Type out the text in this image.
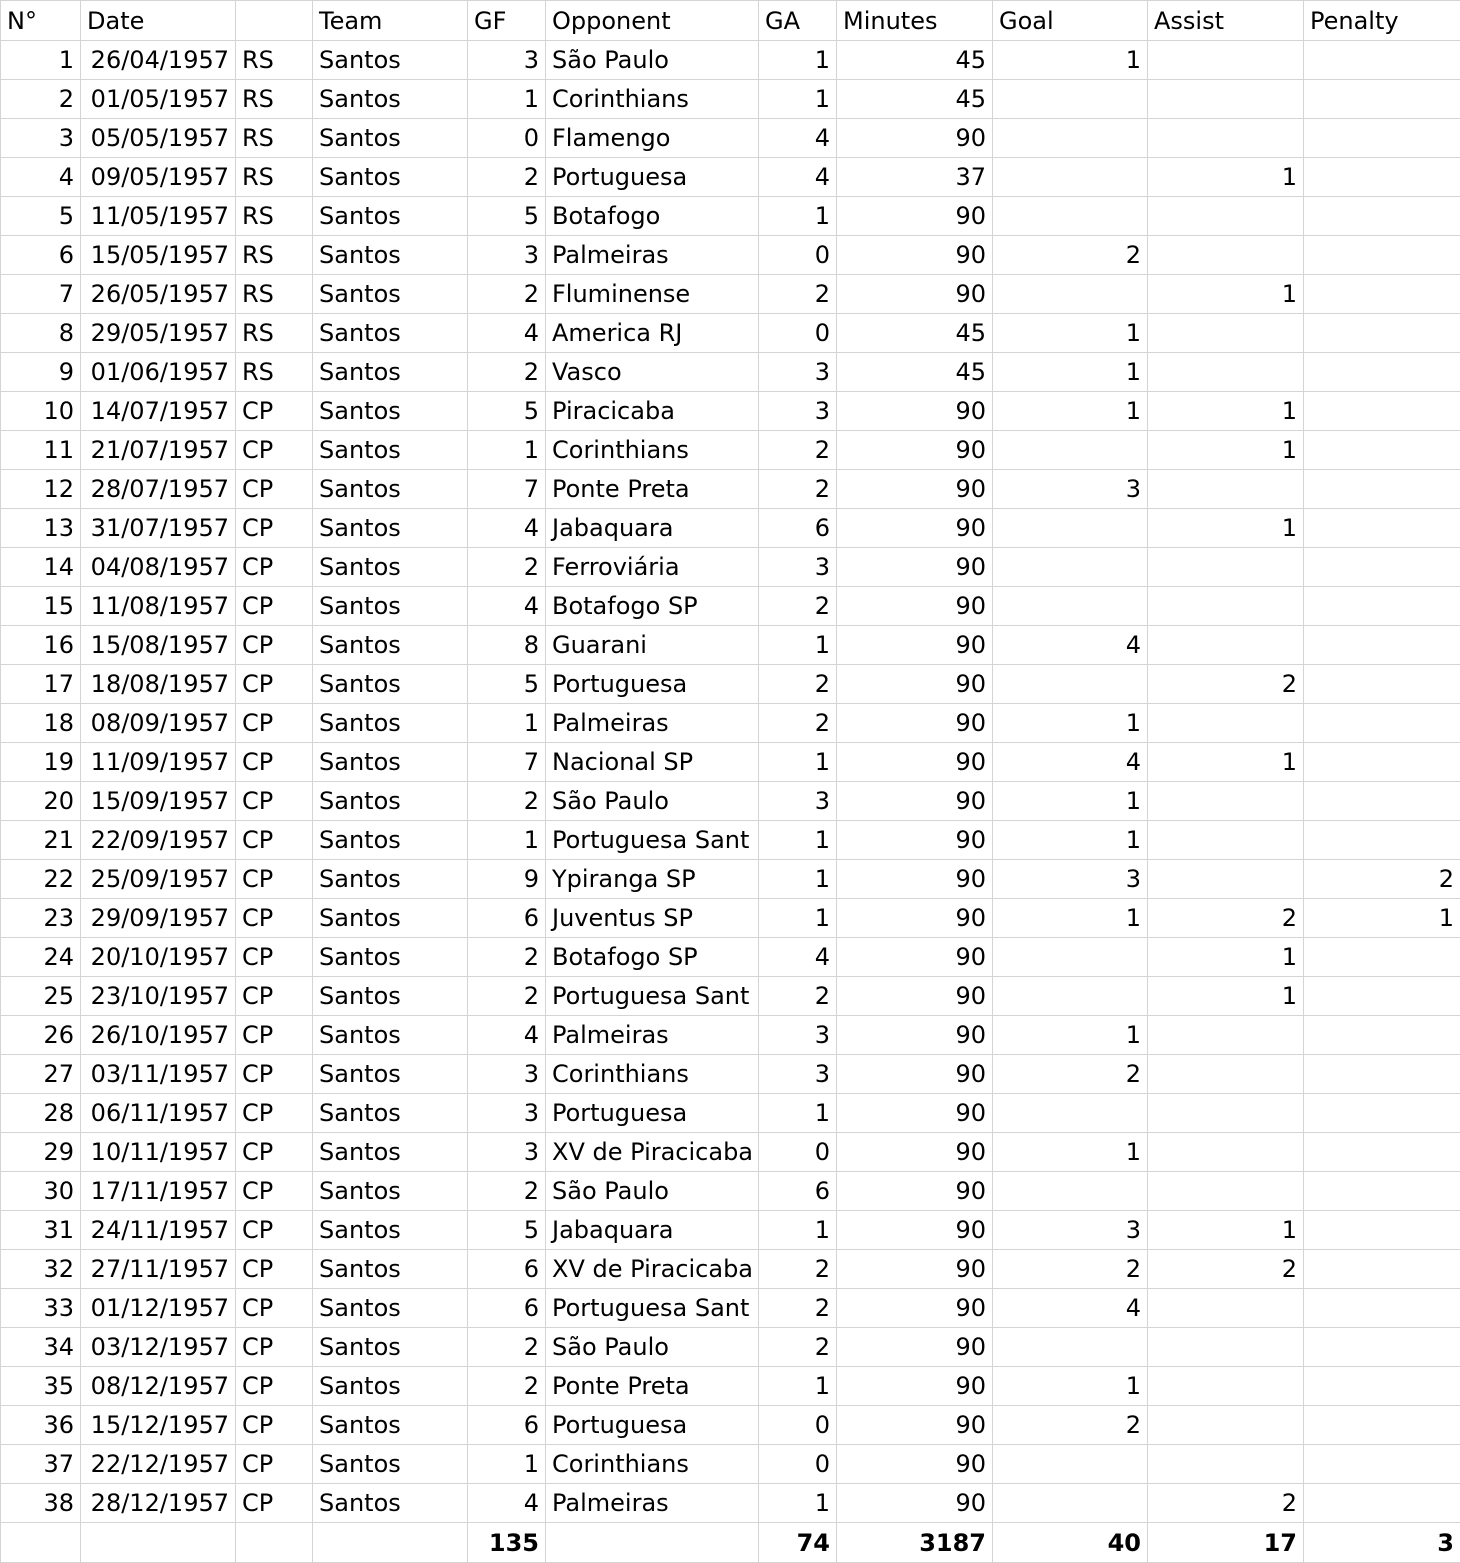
N°	Date		Team	GF	Opponent	GA	Minutes	Goal	Assist	Penalty
1	26/04/1957	RS	Santos	3	São Paulo	1	45	1		
2	01/05/1957	RS	Santos	1	Corinthians	1	45			
3	05/05/1957	RS	Santos	0	Flamengo	4	90			
4	09/05/1957	RS	Santos	2	Portuguesa	4	37		1	
5	11/05/1957	RS	Santos	5	Botafogo	1	90			
6	15/05/1957	RS	Santos	3	Palmeiras	0	90	2		
7	26/05/1957	RS	Santos	2	Fluminense	2	90		1	
8	29/05/1957	RS	Santos	4	America RJ	0	45	1		
9	01/06/1957	RS	Santos	2	Vasco	3	45	1		
10	14/07/1957	CP	Santos	5	Piracicaba	3	90	1	1	
11	21/07/1957	CP	Santos	1	Corinthians	2	90		1	
12	28/07/1957	CP	Santos	7	Ponte Preta	2	90	3		
13	31/07/1957	CP	Santos	4	Jabaquara	6	90		1	
14	04/08/1957	CP	Santos	2	Ferroviária	3	90			
15	11/08/1957	CP	Santos	4	Botafogo SP	2	90			
16	15/08/1957	CP	Santos	8	Guarani	1	90	4		
17	18/08/1957	CP	Santos	5	Portuguesa	2	90		2	
18	08/09/1957	CP	Santos	1	Palmeiras	2	90	1		
19	11/09/1957	CP	Santos	7	Nacional SP	1	90	4	1	
20	15/09/1957	CP	Santos	2	São Paulo	3	90	1		
21	22/09/1957	CP	Santos	1	Portuguesa Sant	1	90	1		
22	25/09/1957	CP	Santos	9	Ypiranga SP	1	90	3		2
23	29/09/1957	CP	Santos	6	Juventus SP	1	90	1	2	1
24	20/10/1957	CP	Santos	2	Botafogo SP	4	90		1	
25	23/10/1957	CP	Santos	2	Portuguesa Sant	2	90		1	
26	26/10/1957	CP	Santos	4	Palmeiras	3	90	1		
27	03/11/1957	CP	Santos	3	Corinthians	3	90	2		
28	06/11/1957	CP	Santos	3	Portuguesa	1	90			
29	10/11/1957	CP	Santos	3	XV de Piracicaba	0	90	1		
30	17/11/1957	CP	Santos	2	São Paulo	6	90			
31	24/11/1957	CP	Santos	5	Jabaquara	1	90	3	1	
32	27/11/1957	CP	Santos	6	XV de Piracicaba	2	90	2	2	
33	01/12/1957	CP	Santos	6	Portuguesa Sant	2	90	4		
34	03/12/1957	CP	Santos	2	São Paulo	2	90			
35	08/12/1957	CP	Santos	2	Ponte Preta	1	90	1		
36	15/12/1957	CP	Santos	6	Portuguesa	0	90	2		
37	22/12/1957	CP	Santos	1	Corinthians	0	90			
38	28/12/1957	CP	Santos	4	Palmeiras	1	90		2	
				135		74	3187	40	17	3
